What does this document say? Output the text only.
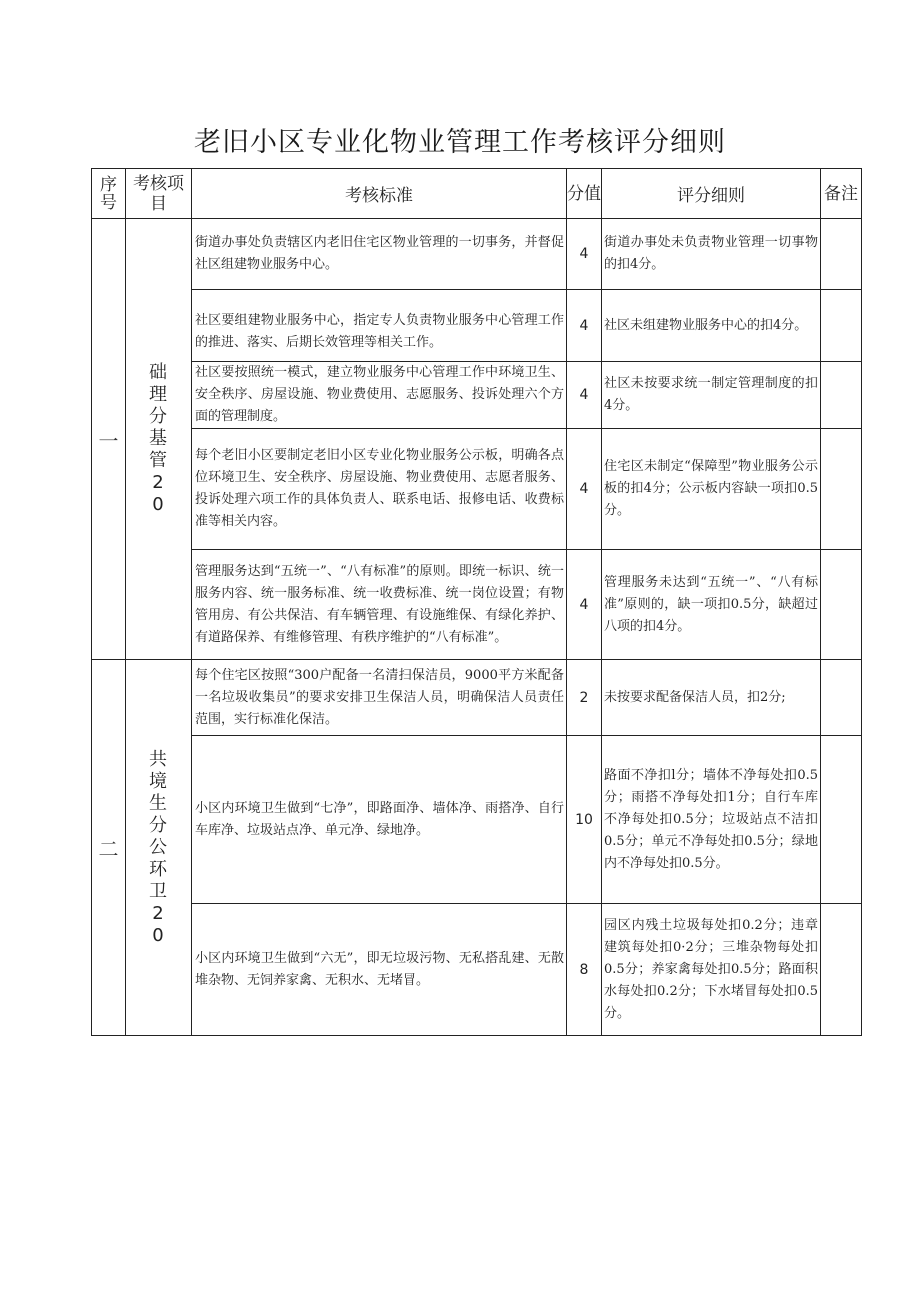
老旧小区专业化物业管理工作考核评分细则
序号	考核项目	考核标准	分值	评分细则	备注
一	础理分基管20	街道办事处负责辖区内老旧住宅区物业管理的一切事务，并督促社区组建物业服务中心。	4	街道办事处未负责物业管理一切事物的扣4分。	
		社区要组建物业服务中心，指定专人负责物业服务中心管理工作的推进、落实、后期长效管理等相关工作。	4	社区未组建物业服务中心的扣4分。	
		社区要按照统一模式，建立物业服务中心管理工作中环境卫生、安全秩序、房屋设施、物业费使用、志愿服务、投诉处理六个方面的管理制度。	4	社区未按要求统一制定管理制度的扣4分。	
		每个老旧小区要制定老旧小区专业化物业服务公示板，明确各点位环境卫生、安全秩序、房屋设施、物业费使用、志愿者服务、投诉处理六项工作的具体负责人、联系电话、报修电话、收费标准等相关内容。	4	住宅区未制定“保障型”物业服务公示板的扣4分；公示板内容缺一项扣0.5分。	
		管理服务达到“五统一”、“八有标准”的原则。即统一标识、统一服务内容、统一服务标准、统一收费标准、统一岗位设置；有物管用房、有公共保洁、有车辆管理、有设施维保、有绿化养护、有道路保养、有维修管理、有秩序维护的“八有标准”。	4	管理服务未达到“五统一”、“八有标准”原则的，缺一项扣0.5分，缺超过八项的扣4分。	
二	共境生分公环卫20	每个住宅区按照“300户配备一名清扫保洁员，9000平方米配备一名垃圾收集员”的要求安排卫生保洁人员，明确保洁人员责任范围，实行标准化保洁。	2	未按要求配备保洁人员，扣2分;	
		小区内环境卫生做到“七净”，即路面净、墙体净、雨搭净、自行车库净、垃圾站点净、单元净、绿地净。	10	路面不净扣l分；墙体不净每处扣0.5分；雨搭不净每处扣1分；自行车库不净每处扣0.5分；垃圾站点不洁扣0.5分；单元不净每处扣0.5分；绿地内不净每处扣0.5分。	
		小区内环境卫生做到“六无”，即无垃圾污物、无私搭乱建、无散堆杂物、无饲养家禽、无积水、无堵冒。	8	园区内残土垃圾每处扣0.2分；违章建筑每处扣0·2分；三堆杂物每处扣0.5分；养家禽每处扣0.5分；路面积水每处扣0.2分；下水堵冒每处扣0.5分。	
